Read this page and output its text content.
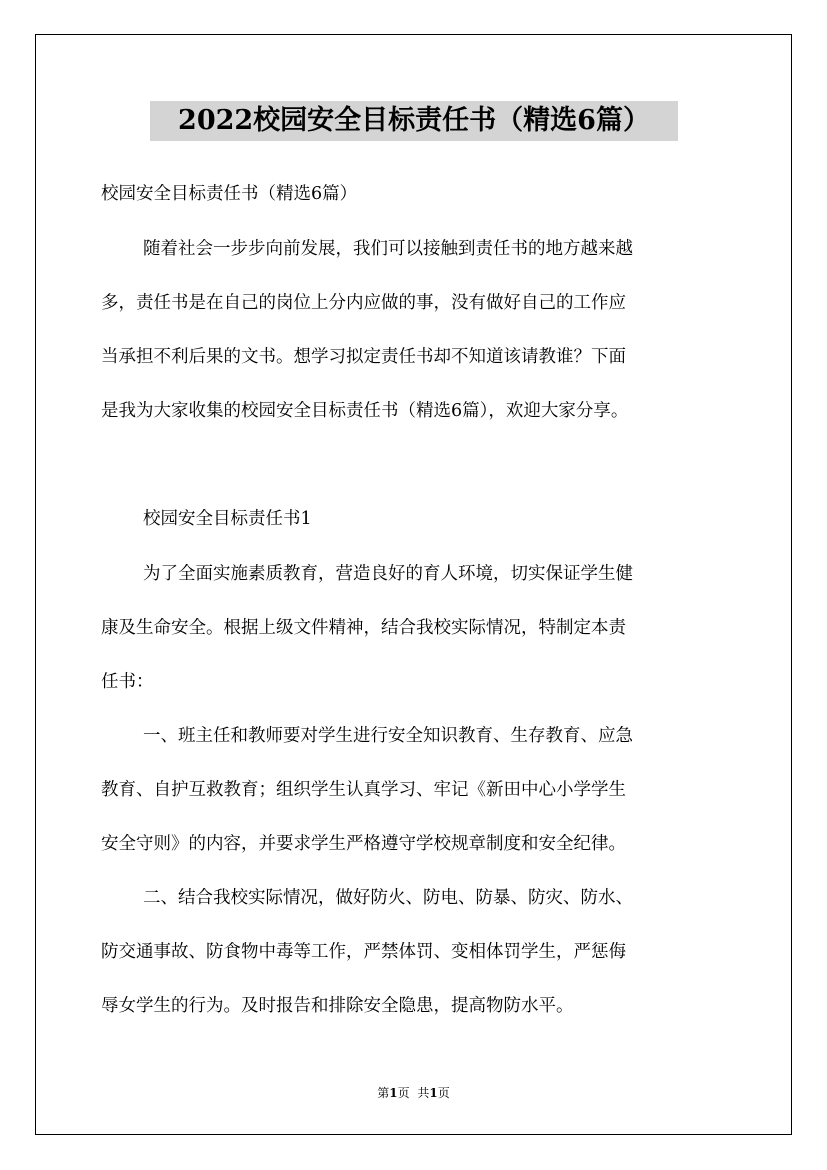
2022校园安全目标责任书（精选6篇）
校园安全目标责任书（精选6篇）
随着社会一步步向前发展，我们可以接触到责任书的地方越来越
多，责任书是在自己的岗位上分内应做的事，没有做好自己的工作应
当承担不利后果的文书。想学习拟定责任书却不知道该请教谁？下面
是我为大家收集的校园安全目标责任书（精选6篇），欢迎大家分享。
校园安全目标责任书1
为了全面实施素质教育，营造良好的育人环境，切实保证学生健
康及生命安全。根据上级文件精神，结合我校实际情况，特制定本责
任书：
一、班主任和教师要对学生进行安全知识教育、生存教育、应急
教育、自护互救教育；组织学生认真学习、牢记《新田中心小学学生
安全守则》的内容，并要求学生严格遵守学校规章制度和安全纪律。
二、结合我校实际情况，做好防火、防电、防暴、防灾、防水、
防交通事故、防食物中毒等工作，严禁体罚、变相体罚学生，严惩侮
辱女学生的行为。及时报告和排除安全隐患，提高物防水平。
第1页 共1页
